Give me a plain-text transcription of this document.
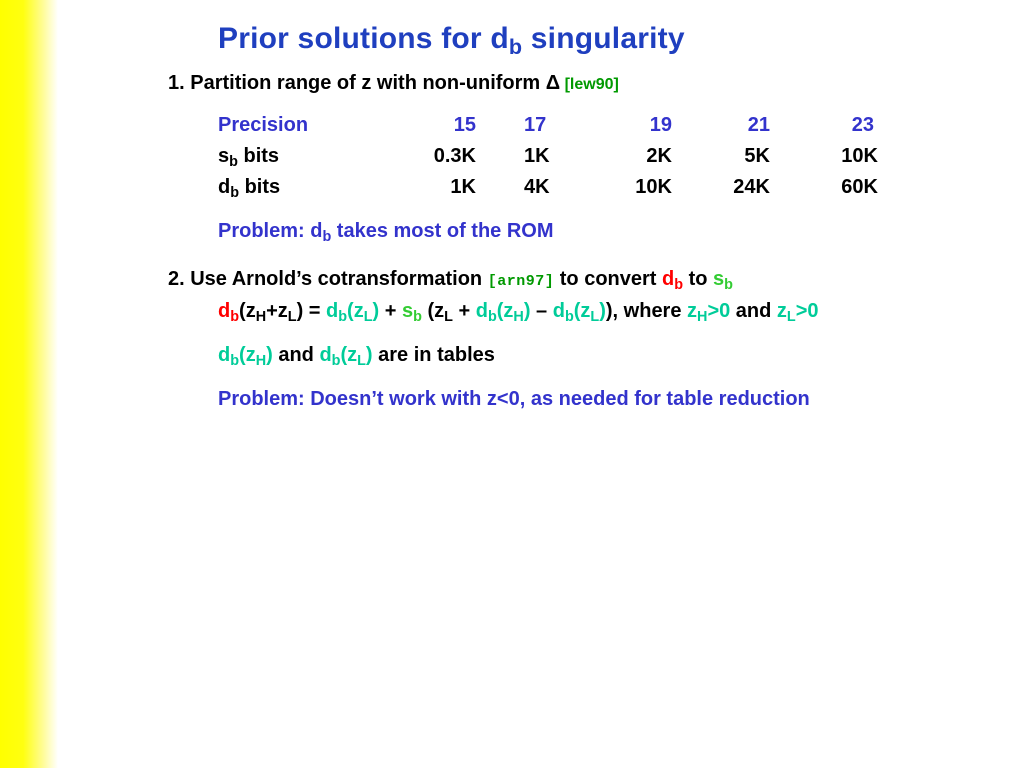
Prior solutions for $d_b$ singularity
1. Partition range of z with non-uniform Δ [lew90]
Precision	15 17	19	21	23
$s_b$ bits	0.3K 1K	2K	5K	10K
$d_b$ bits	1K 4K	10K	24K	60K
Problem: $d_b$ takes most of the ROM
2. Use Arnold’s cotransformation [arn97] to convert $d_b$ to $s_b$
$d_b(z_H+z_L) = d_b(z_L) + s_b$ $(z_L + d_b(z_H) - d_b(z_L))$, where $z_H>0$ and $z_L>0$
$d_b(z_H)$ and $d_b(z_L)$ are in tables
Problem: Doesn’t work with z<0, as needed for table reduction
